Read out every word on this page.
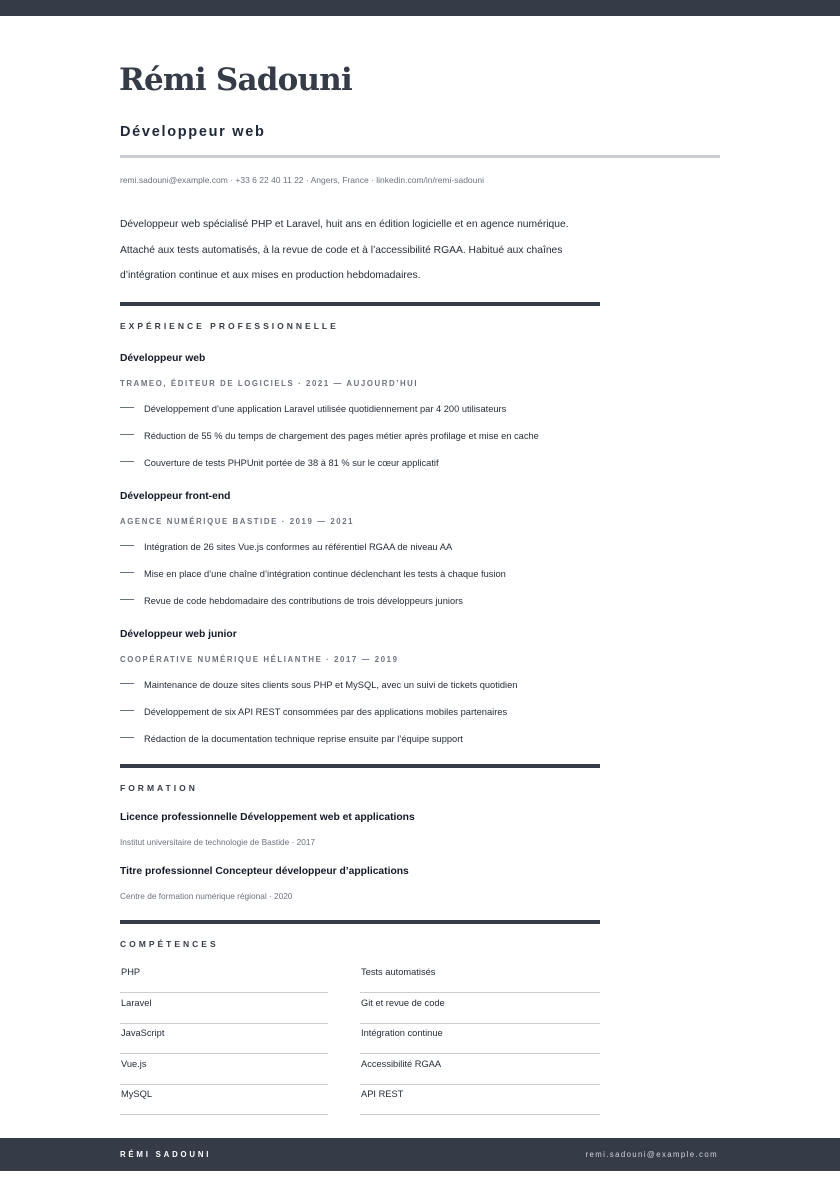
Rémi Sadouni
Développeur web
remi.sadouni@example.com · +33 6 22 40 11 22 · Angers, France · linkedin.com/in/remi-sadouni

Développeur web spécialisé PHP et Laravel, huit ans en édition logicielle et en agence numérique.

Attaché aux tests automatisés, à la revue de code et à l’accessibilité RGAA. Habitué aux chaînes

d’intégration continue et aux mises en production hebdomadaires.

EXPÉRIENCE PROFESSIONNELLE
Développeur web
TRAMEO, ÉDITEUR DE LOGICIELS · 2021 — AUJOURD’HUI
Développement d’une application Laravel utilisée quotidiennement par 4 200 utilisateurs
Réduction de 55 % du temps de chargement des pages métier après profilage et mise en cache
Couverture de tests PHPUnit portée de 38 à 81 % sur le cœur applicatif
Développeur front-end
AGENCE NUMÉRIQUE BASTIDE · 2019 — 2021
Intégration de 26 sites Vue.js conformes au référentiel RGAA de niveau AA
Mise en place d’une chaîne d’intégration continue déclenchant les tests à chaque fusion
Revue de code hebdomadaire des contributions de trois développeurs juniors
Développeur web junior
COOPÉRATIVE NUMÉRIQUE HÉLIANTHE · 2017 — 2019
Maintenance de douze sites clients sous PHP et MySQL, avec un suivi de tickets quotidien
Développement de six API REST consommées par des applications mobiles partenaires
Rédaction de la documentation technique reprise ensuite par l’équipe support
FORMATION
Licence professionnelle Développement web et applications
Institut universitaire de technologie de Bastide · 2017
Titre professionnel Concepteur développeur d’applications
Centre de formation numérique régional · 2020
COMPÉTENCES
PHP
Laravel
JavaScript
Vue.js
MySQL
Tests automatisés
Git et revue de code
Intégration continue
Accessibilité RGAA
API REST
RÉMI SADOUNI	remi.sadouni@example.com
